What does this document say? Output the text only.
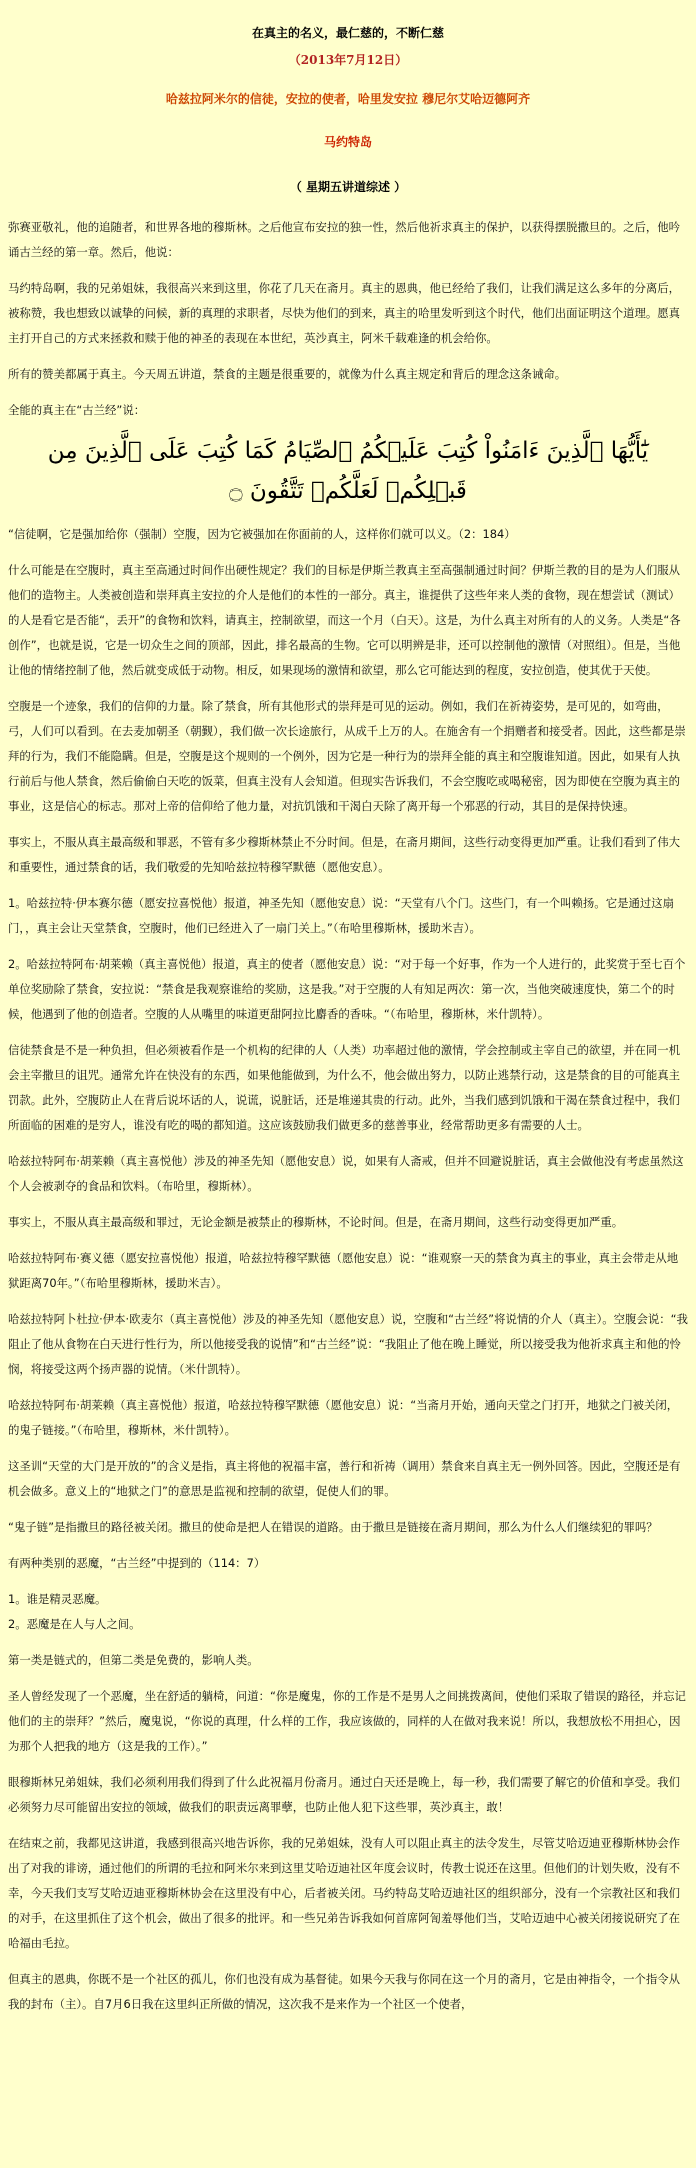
在真主的名义，最仁慈的，不断仁慈
（2013年7月12日）
哈兹拉阿米尔的信徒，安拉的使者，哈里发安拉 穆尼尔艾哈迈德阿齐
马约特岛
（ 星期五讲道综述 ）

弥赛亚敬礼，他的追随者，和世界各地的穆斯林。之后他宣布安拉的独一性，然后他祈求真主的保护，以获得摆脱撒旦的。之后，他吟诵古兰经的第一章。然后，他说：

马约特岛啊，我的兄弟姐妹，我很高兴来到这里，你花了几天在斋月。真主的恩典，他已经给了我们，让我们满足这么多年的分离后，被称赞，我也想致以诚挚的问候，新的真理的求职者，尽快为他们的到来，真主的哈里发听到这个时代，他们出面证明这个道理。愿真主打开自己的方式来拯救和赎于他的神圣的表现在本世纪，英沙真主，阿米千载难逢的机会给你。

所有的赞美都属于真主。今天周五讲道，禁食的主题是很重要的，就像为什么真主规定和背后的理念这条诫命。

全能的真主在“古兰经”说：

يَٰٓأَيُّهَا ٱلَّذِينَ ءَامَنُواْ كُتِبَ عَلَيۡكُمُ ٱلصِّيَامُ كَمَا كُتِبَ عَلَى ٱلَّذِينَ مِن قَبۡلِكُمۡ لَعَلَّكُمۡ تَتَّقُونَ ۝

“信徒啊，它是强加给你（强制）空腹，因为它被强加在你面前的人，这样你们就可以义。（2：184）

什么可能是在空腹时，真主至高通过时间作出硬性规定？我们的目标是伊斯兰教真主至高强制通过时间？伊斯兰教的目的是为人们服从他们的造物主。人类被创造和崇拜真主安拉的介人是他们的本性的一部分。真主，谁提供了这些年来人类的食物，现在想尝试（测试）的人是看它是否能“，丢开”的食物和饮料，请真主，控制欲望，而这一个月（白天）。这是，为什么真主对所有的人的义务。人类是“各创作”，也就是说，它是一切众生之间的顶部，因此，排名最高的生物。它可以明辨是非，还可以控制他的激情（对照组）。但是，当他让他的情绪控制了他，然后就变成低于动物。相反，如果现场的激情和欲望，那么它可能达到的程度，安拉创造，使其优于天使。

空腹是一个迹象，我们的信仰的力量。除了禁食，所有其他形式的崇拜是可见的运动。例如，我们在祈祷姿势，是可见的，如弯曲，弓，人们可以看到。在去麦加朝圣（朝觐），我们做一次长途旅行，从成千上万的人。在施舍有一个捐赠者和接受者。因此，这些都是崇拜的行为，我们不能隐瞒。但是，空腹是这个规则的一个例外，因为它是一种行为的崇拜全能的真主和空腹谁知道。因此，如果有人执行前后与他人禁食，然后偷偷白天吃的饭菜，但真主没有人会知道。但现实告诉我们，不会空腹吃或喝秘密，因为即使在空腹为真主的事业，这是信心的标志。那对上帝的信仰给了他力量，对抗饥饿和干渴白天除了离开每一个邪恶的行动，其目的是保持快速。

事实上，不服从真主最高级和罪恶，不管有多少穆斯林禁止不分时间。但是，在斋月期间，这些行动变得更加严重。让我们看到了伟大和重要性，通过禁食的话，我们敬爱的先知哈兹拉特穆罕默德（愿他安息）。

1。哈兹拉特·伊本赛尔德（愿安拉喜悦他）报道，神圣先知（愿他安息）说：“天堂有八个门。这些门，有一个叫赖扬。它是通过这扇门，，真主会让天堂禁食，空腹时，他们已经进入了一扇门关上。”（布哈里穆斯林，援助米吉）。

2。哈兹拉特阿布·胡莱赖（真主喜悦他）报道，真主的使者（愿他安息）说：“对于每一个好事，作为一个人进行的，此奖赏于至七百个单位奖励除了禁食，安拉说：“禁食是我观察谁给的奖励，这是我。”对于空腹的人有知足两次：第一次，当他突破速度快，第二个的时候，他遇到了他的创造者。空腹的人从嘴里的味道更甜阿拉比麝香的香味。“（布哈里，穆斯林，米什凯特）。

信徒禁食是不是一种负担，但必须被看作是一个机构的纪律的人（人类）功率超过他的激情，学会控制或主宰自己的欲望，并在同一机会主宰撒旦的诅咒。通常允许在快没有的东西，如果他能做到，为什么不，他会做出努力，以防止逃禁行动，这是禁食的目的可能真主罚款。此外，空腹防止人在背后说坏话的人，说谎，说脏话，还是堆递其贵的行动。此外，当我们感到饥饿和干渴在禁食过程中，我们所面临的困难的是穷人，谁没有吃的喝的都知道。这应该鼓励我们做更多的慈善事业，经常帮助更多有需要的人士。

哈兹拉特阿布·胡莱赖（真主喜悦他）涉及的神圣先知（愿他安息）说，如果有人斋戒，但并不回避说脏话，真主会做他没有考虑虽然这个人会被剥夺的食品和饮料。（布哈里，穆斯林）。

事实上，不服从真主最高级和罪过，无论金额是被禁止的穆斯林，不论时间。但是，在斋月期间，这些行动变得更加严重。

哈兹拉特阿布·赛义德（愿安拉喜悦他）报道，哈兹拉特穆罕默德（愿他安息）说：“谁观察一天的禁食为真主的事业，真主会带走从地狱距离70年。”（布哈里穆斯林，援助米吉）。

哈兹拉特阿卜杜拉·伊本·欧麦尔（真主喜悦他）涉及的神圣先知（愿他安息）说，空腹和“古兰经”将说情的介人（真主）。空腹会说：“我阻止了他从食物在白天进行性行为，所以他接受我的说情”和“古兰经”说：“我阻止了他在晚上睡觉，所以接受我为他祈求真主和他的怜悯，将接受这两个扬声器的说情。（米什凯特）。

哈兹拉特阿布·胡莱赖（真主喜悦他）报道，哈兹拉特穆罕默德（愿他安息）说：“当斋月开始，通向天堂之门打开，地狱之门被关闭，的鬼子链接。”（布哈里，穆斯林，米什凯特）。

这圣训“天堂的大门是开放的”的含义是指，真主将他的祝福丰富，善行和祈祷（调用）禁食来自真主无一例外回答。因此，空腹还是有机会做多。意义上的“地狱之门”的意思是监视和控制的欲望，促使人们的罪。

“鬼子链”是指撒旦的路径被关闭。撒旦的使命是把人在错误的道路。由于撒旦是链接在斋月期间，那么为什么人们继续犯的罪吗？

有两种类别的恶魔，“古兰经”中提到的（114：7）

1。谁是精灵恶魔。

2。恶魔是在人与人之间。

第一类是链式的，但第二类是免费的，影响人类。

圣人曾经发现了一个恶魔，坐在舒适的躺椅，问道：“你是魔鬼，你的工作是不是男人之间挑拨离间，使他们采取了错误的路径，并忘记他们的主的崇拜？”然后，魔鬼说，“你说的真理，什么样的工作，我应该做的，同样的人在做对我来说！所以，我想放松不用担心，因为那个人把我的地方（这是我的工作）。”

眼穆斯林兄弟姐妹，我们必须利用我们得到了什么此祝福月份斋月。通过白天还是晚上，每一秒，我们需要了解它的价值和享受。我们必须努力尽可能留出安拉的领域，做我们的职责远离罪孽，也防止他人犯下这些罪，英沙真主，敢！

在结束之前，我都见这讲道，我感到很高兴地告诉你，我的兄弟姐妹，没有人可以阻止真主的法令发生，尽管艾哈迈迪亚穆斯林协会作出了对我的诽谤，通过他们的所谓的毛拉和阿米尔来到这里艾哈迈迪社区年度会议时，传教士说还在这里。但他们的计划失败，没有不幸，今天我们支写艾哈迈迪亚穆斯林协会在这里没有中心，后者被关闭。马约特岛艾哈迈迪社区的组织部分，没有一个宗教社区和我们的对手，在这里抓住了这个机会，做出了很多的批评。和一些兄弟告诉我如何首席阿訇羞辱他们当，艾哈迈迪中心被关闭接说研究了在哈福由毛拉。

但真主的恩典，你既不是一个社区的孤儿，你们也没有成为基督徒。如果今天我与你同在这一个月的斋月，它是由神指令，一个指令从我的封布（主）。自7月6日我在这里纠正所做的情况，这次我不是来作为一个社区一个使者，
